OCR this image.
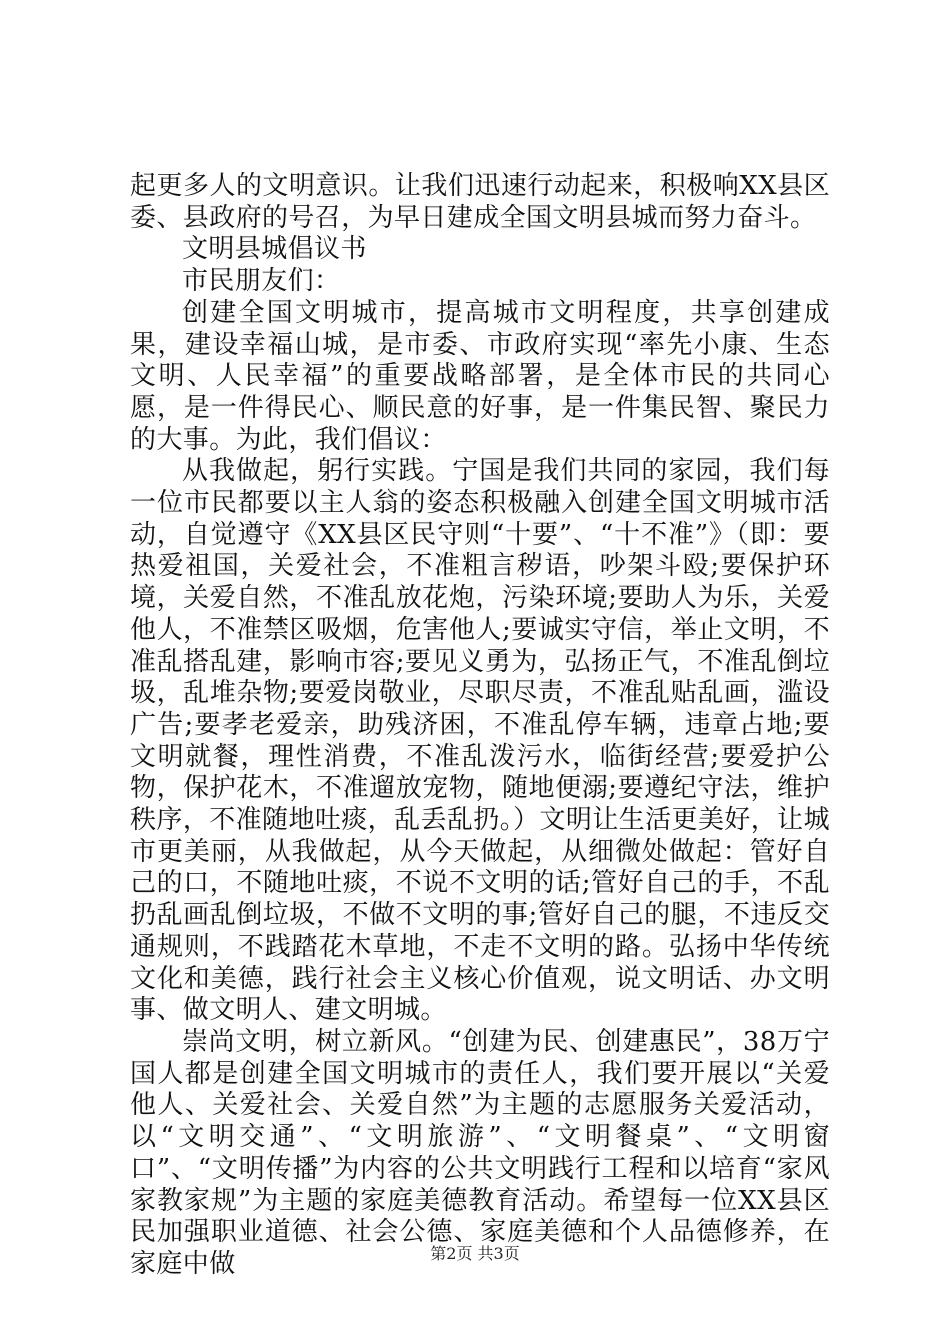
起更多人的文明意识。让我们迅速行动起来，积极响XX县区委、县政府的号召，为早日建成全国文明县城而努力奋斗。

文明县城倡议书

市民朋友们：

创建全国文明城市，提高城市文明程度，共享创建成果，建设幸福山城，是市委、市政府实现“率先小康、生态文明、人民幸福”的重要战略部署，是全体市民的共同心愿，是一件得民心、顺民意的好事，是一件集民智、聚民力的大事。为此，我们倡议：

从我做起，躬行实践。宁国是我们共同的家园，我们每一位市民都要以主人翁的姿态积极融入创建全国文明城市活动，自觉遵守《XX县区民守则“十要”、“十不准”》（即：要热爱祖国，关爱社会，不准粗言秽语，吵架斗殴;要保护环境，关爱自然，不准乱放花炮，污染环境;要助人为乐，关爱他人，不准禁区吸烟，危害他人;要诚实守信，举止文明，不准乱搭乱建，影响市容;要见义勇为，弘扬正气，不准乱倒垃圾，乱堆杂物;要爱岗敬业，尽职尽责，不准乱贴乱画，滥设广告;要孝老爱亲，助残济困，不准乱停车辆，违章占地;要文明就餐，理性消费，不准乱泼污水，临街经营;要爱护公物，保护花木，不准遛放宠物，随地便溺;要遵纪守法，维护秩序，不准随地吐痰，乱丢乱扔。）文明让生活更美好，让城市更美丽，从我做起，从今天做起，从细微处做起：管好自己的口，不随地吐痰，不说不文明的话;管好自己的手，不乱扔乱画乱倒垃圾，不做不文明的事;管好自己的腿，不违反交通规则，不践踏花木草地，不走不文明的路。弘扬中华传统文化和美德，践行社会主义核心价值观，说文明话、办文明事、做文明人、建文明城。

崇尚文明，树立新风。“创建为民、创建惠民”，38万宁国人都是创建全国文明城市的责任人，我们要开展以“关爱他人、关爱社会、关爱自然”为主题的志愿服务关爱活动，以“文明交通”、“文明旅游”、“文明餐桌”、“文明窗口”、“文明传播”为内容的公共文明践行工程和以培育“家风家教家规”为主题的家庭美德教育活动。希望每一位XX县区民加强职业道德、社会公德、家庭美德和个人品德修养，在家庭中做	第2页 共3页
